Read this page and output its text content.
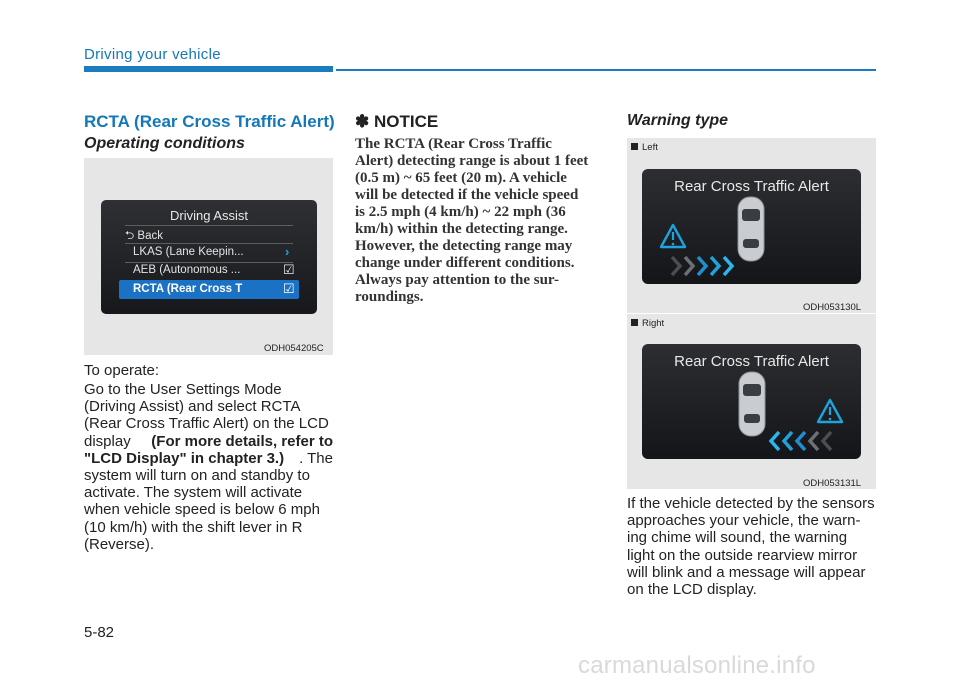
Driving your vehicle
RCTA (Rear Cross Traffic Alert)
Operating conditions
Driving Assist
⮌ Back
LKAS (Lane Keepin...	›
AEB (Autonomous ...	☑
RCTA (Rear Cross T	☑
ODH054205C
To operate:
Go to the User Settings Mode
(Driving Assist) and select RCTA
(Rear Cross Traffic Alert) on the LCD
display (For more details, refer to
"LCD Display" in chapter 3.) . The
system will turn on and standby to
activate. The system will activate
when vehicle speed is below 6 mph
(10 km/h) with the shift lever in R
(Reverse).
✽ NOTICE
The RCTA (Rear Cross Traffic
Alert) detecting range is about 1 feet
(0.5 m) ~ 65 feet (20 m). A vehicle
will be detected if the vehicle speed
is 2.5 mph (4 km/h) ~ 22 mph (36
km/h) within the detecting range.
However, the detecting range may
change under different conditions.
Always pay attention to the sur-
roundings.
Warning type
Left
Rear Cross Traffic Alert
ODH053130L
Right
Rear Cross Traffic Alert
ODH053131L
If the vehicle detected by the sensors
approaches your vehicle, the warn-
ing chime will sound, the warning
light on the outside rearview mirror
will blink and a message will appear
on the LCD display.
5-82
carmanualsonline.info
